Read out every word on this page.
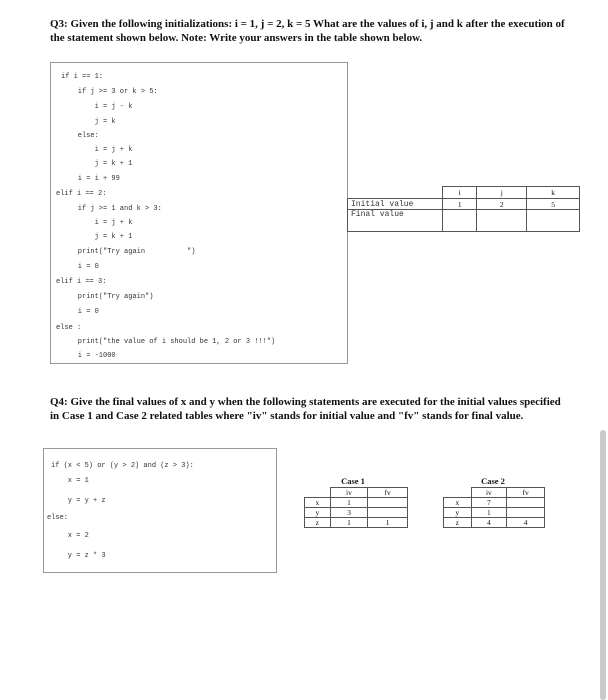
Q3: Given the following initializations: i = 1, j = 2, k = 5 What are the values of i, j and k after the execution of the statement shown below. Note: Write your answers in the table shown below.
if i == 1:
if j >= 3 or k > 5:
i = j - k
j = k
else:
i = j + k
j = k + 1
i = i + 99
elif i == 2:
if j >= 1 and k > 3:
i = j + k
j = k + 1
print("Try again          ")
i = 0
elif i == 3:
print("Try again")
i = 0
else :
print("the value of i should be 1, 2 or 3 !!!")
i = -1000
	i	j	k
Initial value	1	2	5
Final value			
Q4: Give the final values of x and y when the following statements are executed for the initial values specified in Case 1 and Case 2 related tables where "iv" stands for initial value and "fv" stands for final value.
if (x < 5) or (y > 2) and (z > 3):
x = 1
y = y + z
else:
x = 2
y = z * 3
Case 1
	iv	fv
x	1	
y	3	
z	1	1
Case 2
	iv	fv
x	7	
y	1	
z	4	4
